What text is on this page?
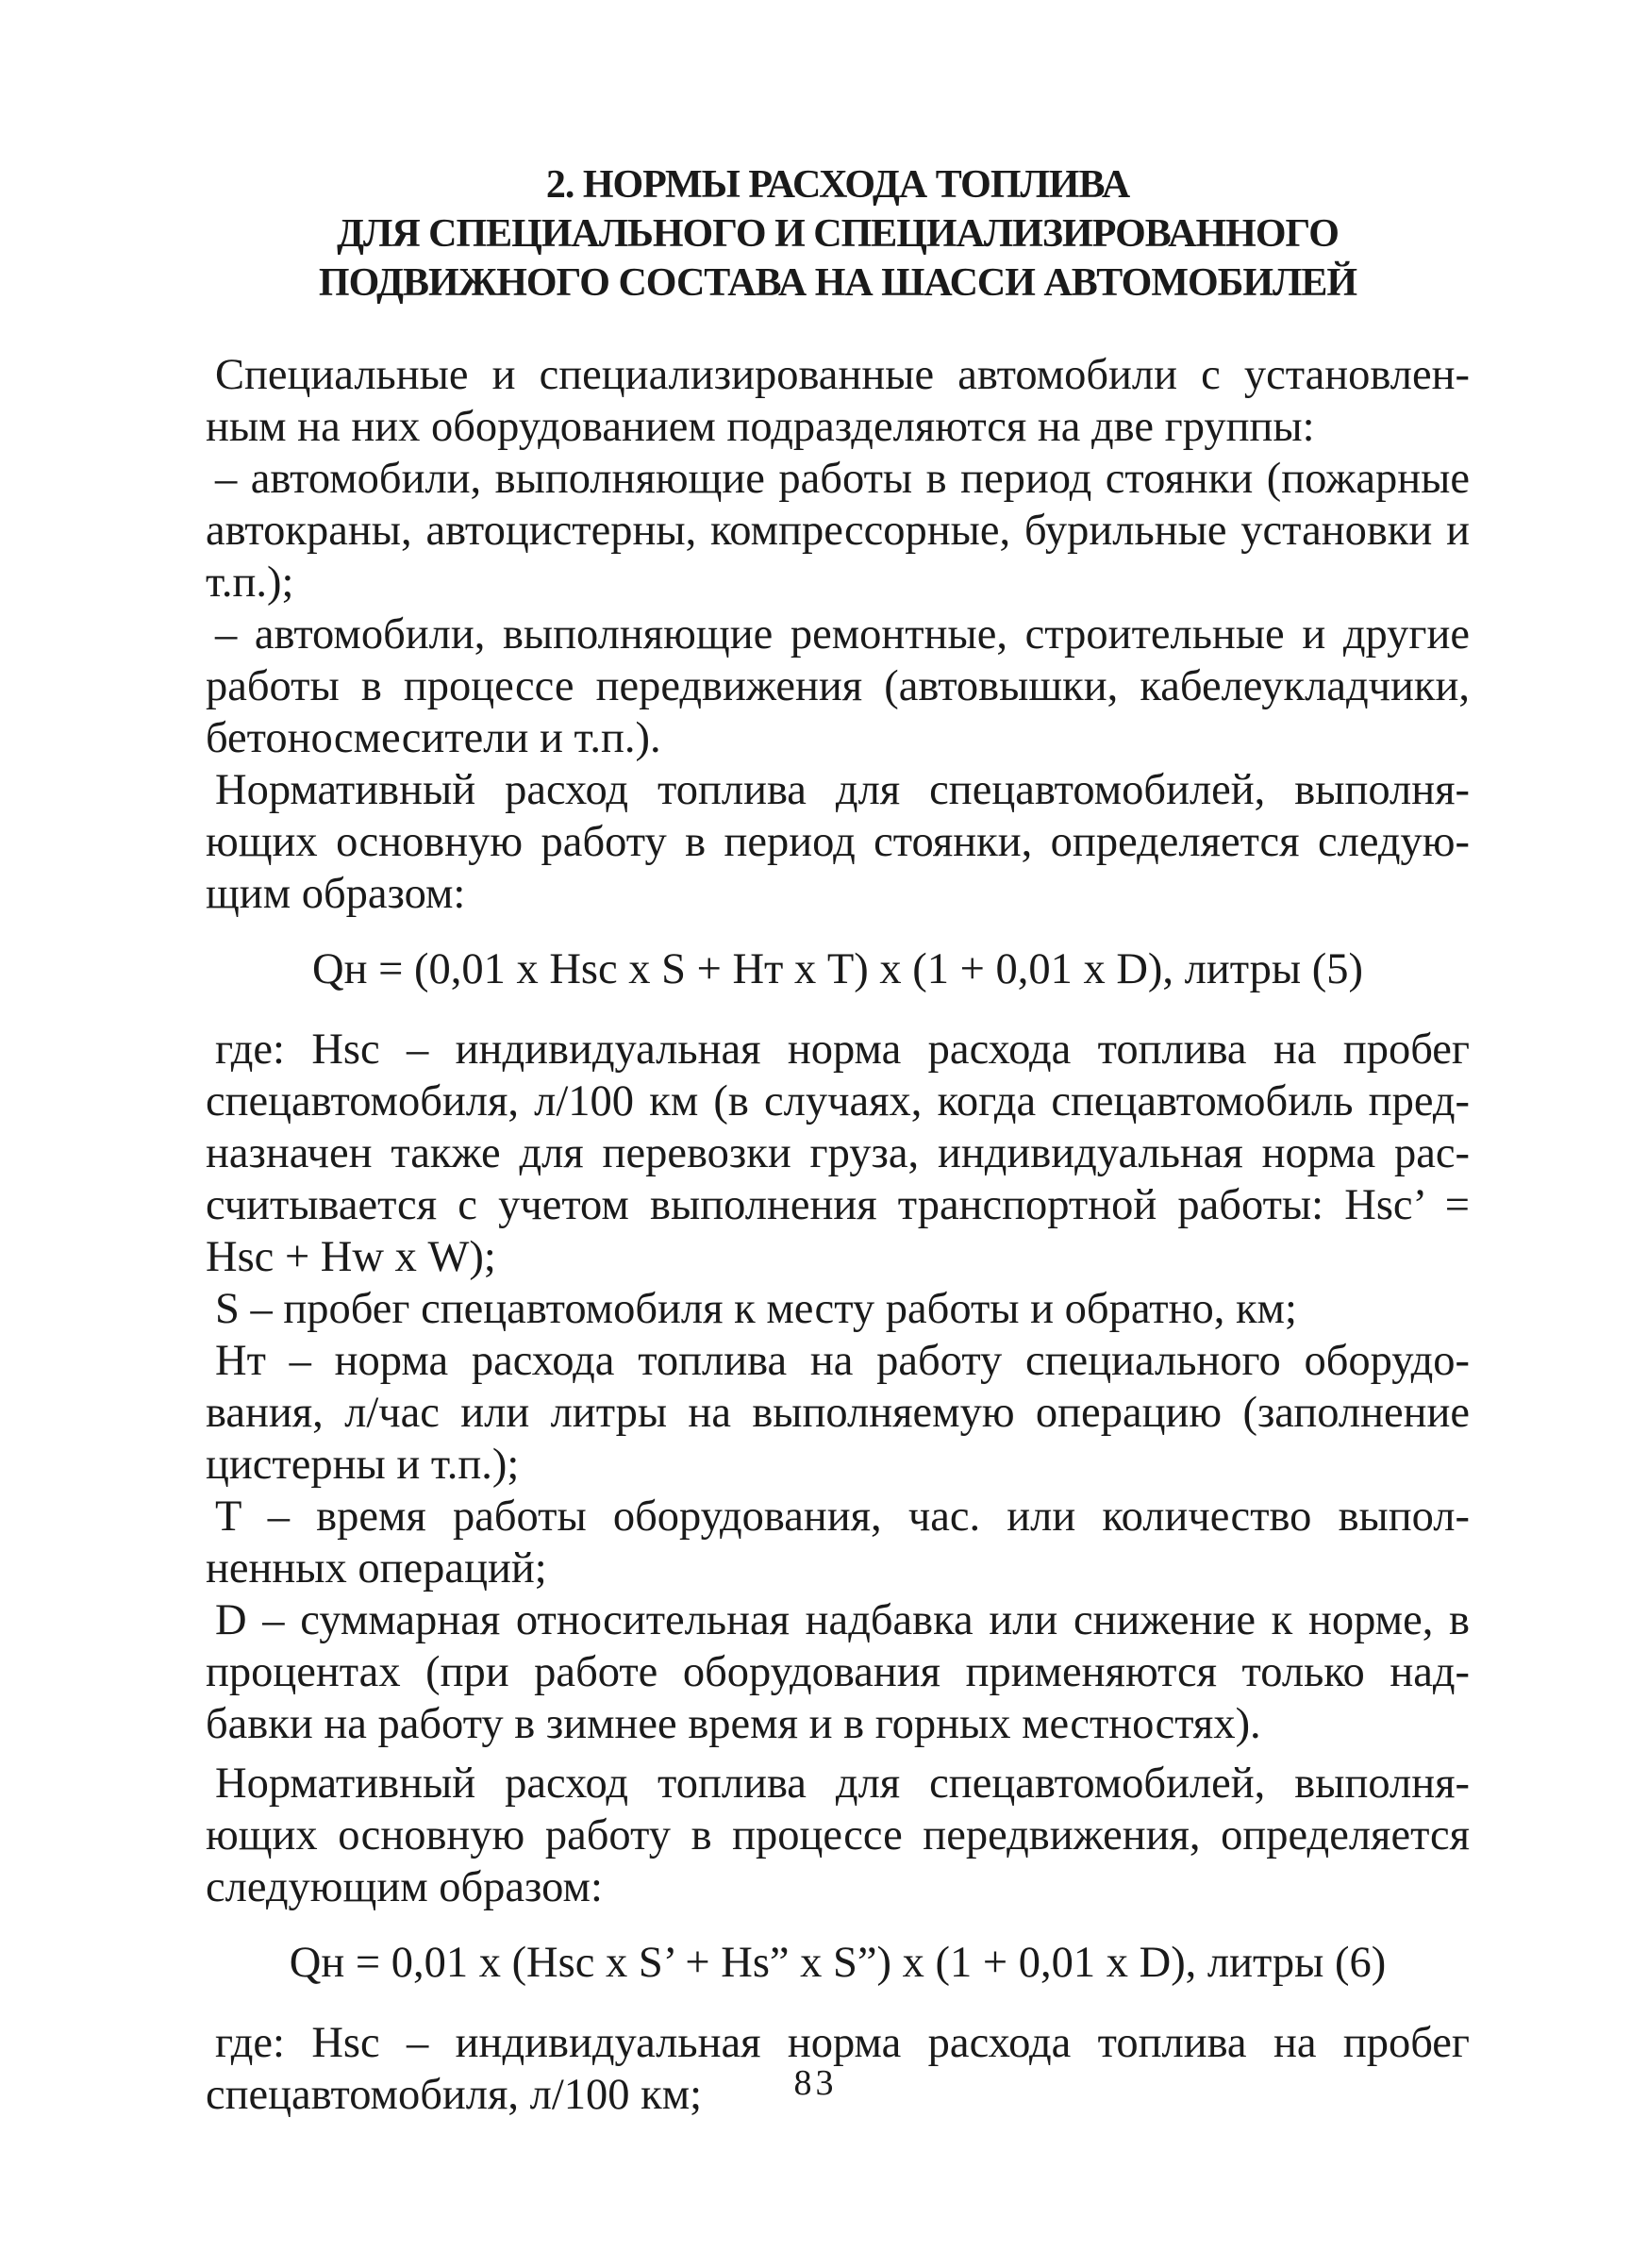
2. НОРМЫ РАСХОДА ТОПЛИВА
ДЛЯ СПЕЦИАЛЬНОГО И СПЕЦИАЛИЗИРОВАННОГО
ПОДВИЖНОГО СОСТАВА НА ШАССИ АВТОМОБИЛЕЙ

Специальные и специализированные автомобили с установленным на них оборудованием подразделяются на две группы:

– автомобили, выполняющие работы в период стоянки (пожарные автокраны, автоцистерны, компрессорные, бурильные установки и т.п.);

– автомобили, выполняющие ремонтные, строительные и другие работы в процессе передвижения (автовышки, кабелеукладчики, бетоносмесители и т.п.).

Нормативный расход топлива для спецавтомобилей, выполняющих основную работу в период стоянки, определяется следующим образом:

Qн = (0,01 х Hsc х S + Hт х T) х (1 + 0,01 х D), литры (5)

где: Hsc – индивидуальная норма расхода топлива на пробег спецавтомобиля, л/100 км (в случаях, когда спецавтомобиль предназначен также для перевозки груза, индивидуальная норма рассчитывается с учетом выполнения транспортной работы: Hsc’ = Hsc + Hw х W);

S – пробег спецавтомобиля к месту работы и обратно, км;

Hт – норма расхода топлива на работу специального оборудования, л/час или литры на выполняемую операцию (заполнение цистерны и т.п.);

T – время работы оборудования, час. или количество выполненных операций;

D – суммарная относительная надбавка или снижение к норме, в процентах (при работе оборудования применяются только надбавки на работу в зимнее время и в горных местностях).

Нормативный расход топлива для спецавтомобилей, выполняющих основную работу в процессе передвижения, определяется следующим образом:

Qн = 0,01 х (Hsc х S’ + Hs” х S”) х (1 + 0,01 х D), литры (6)

где: Hsc – индивидуальная норма расхода топлива на пробег спецавтомобиля, л/100 км;	83
